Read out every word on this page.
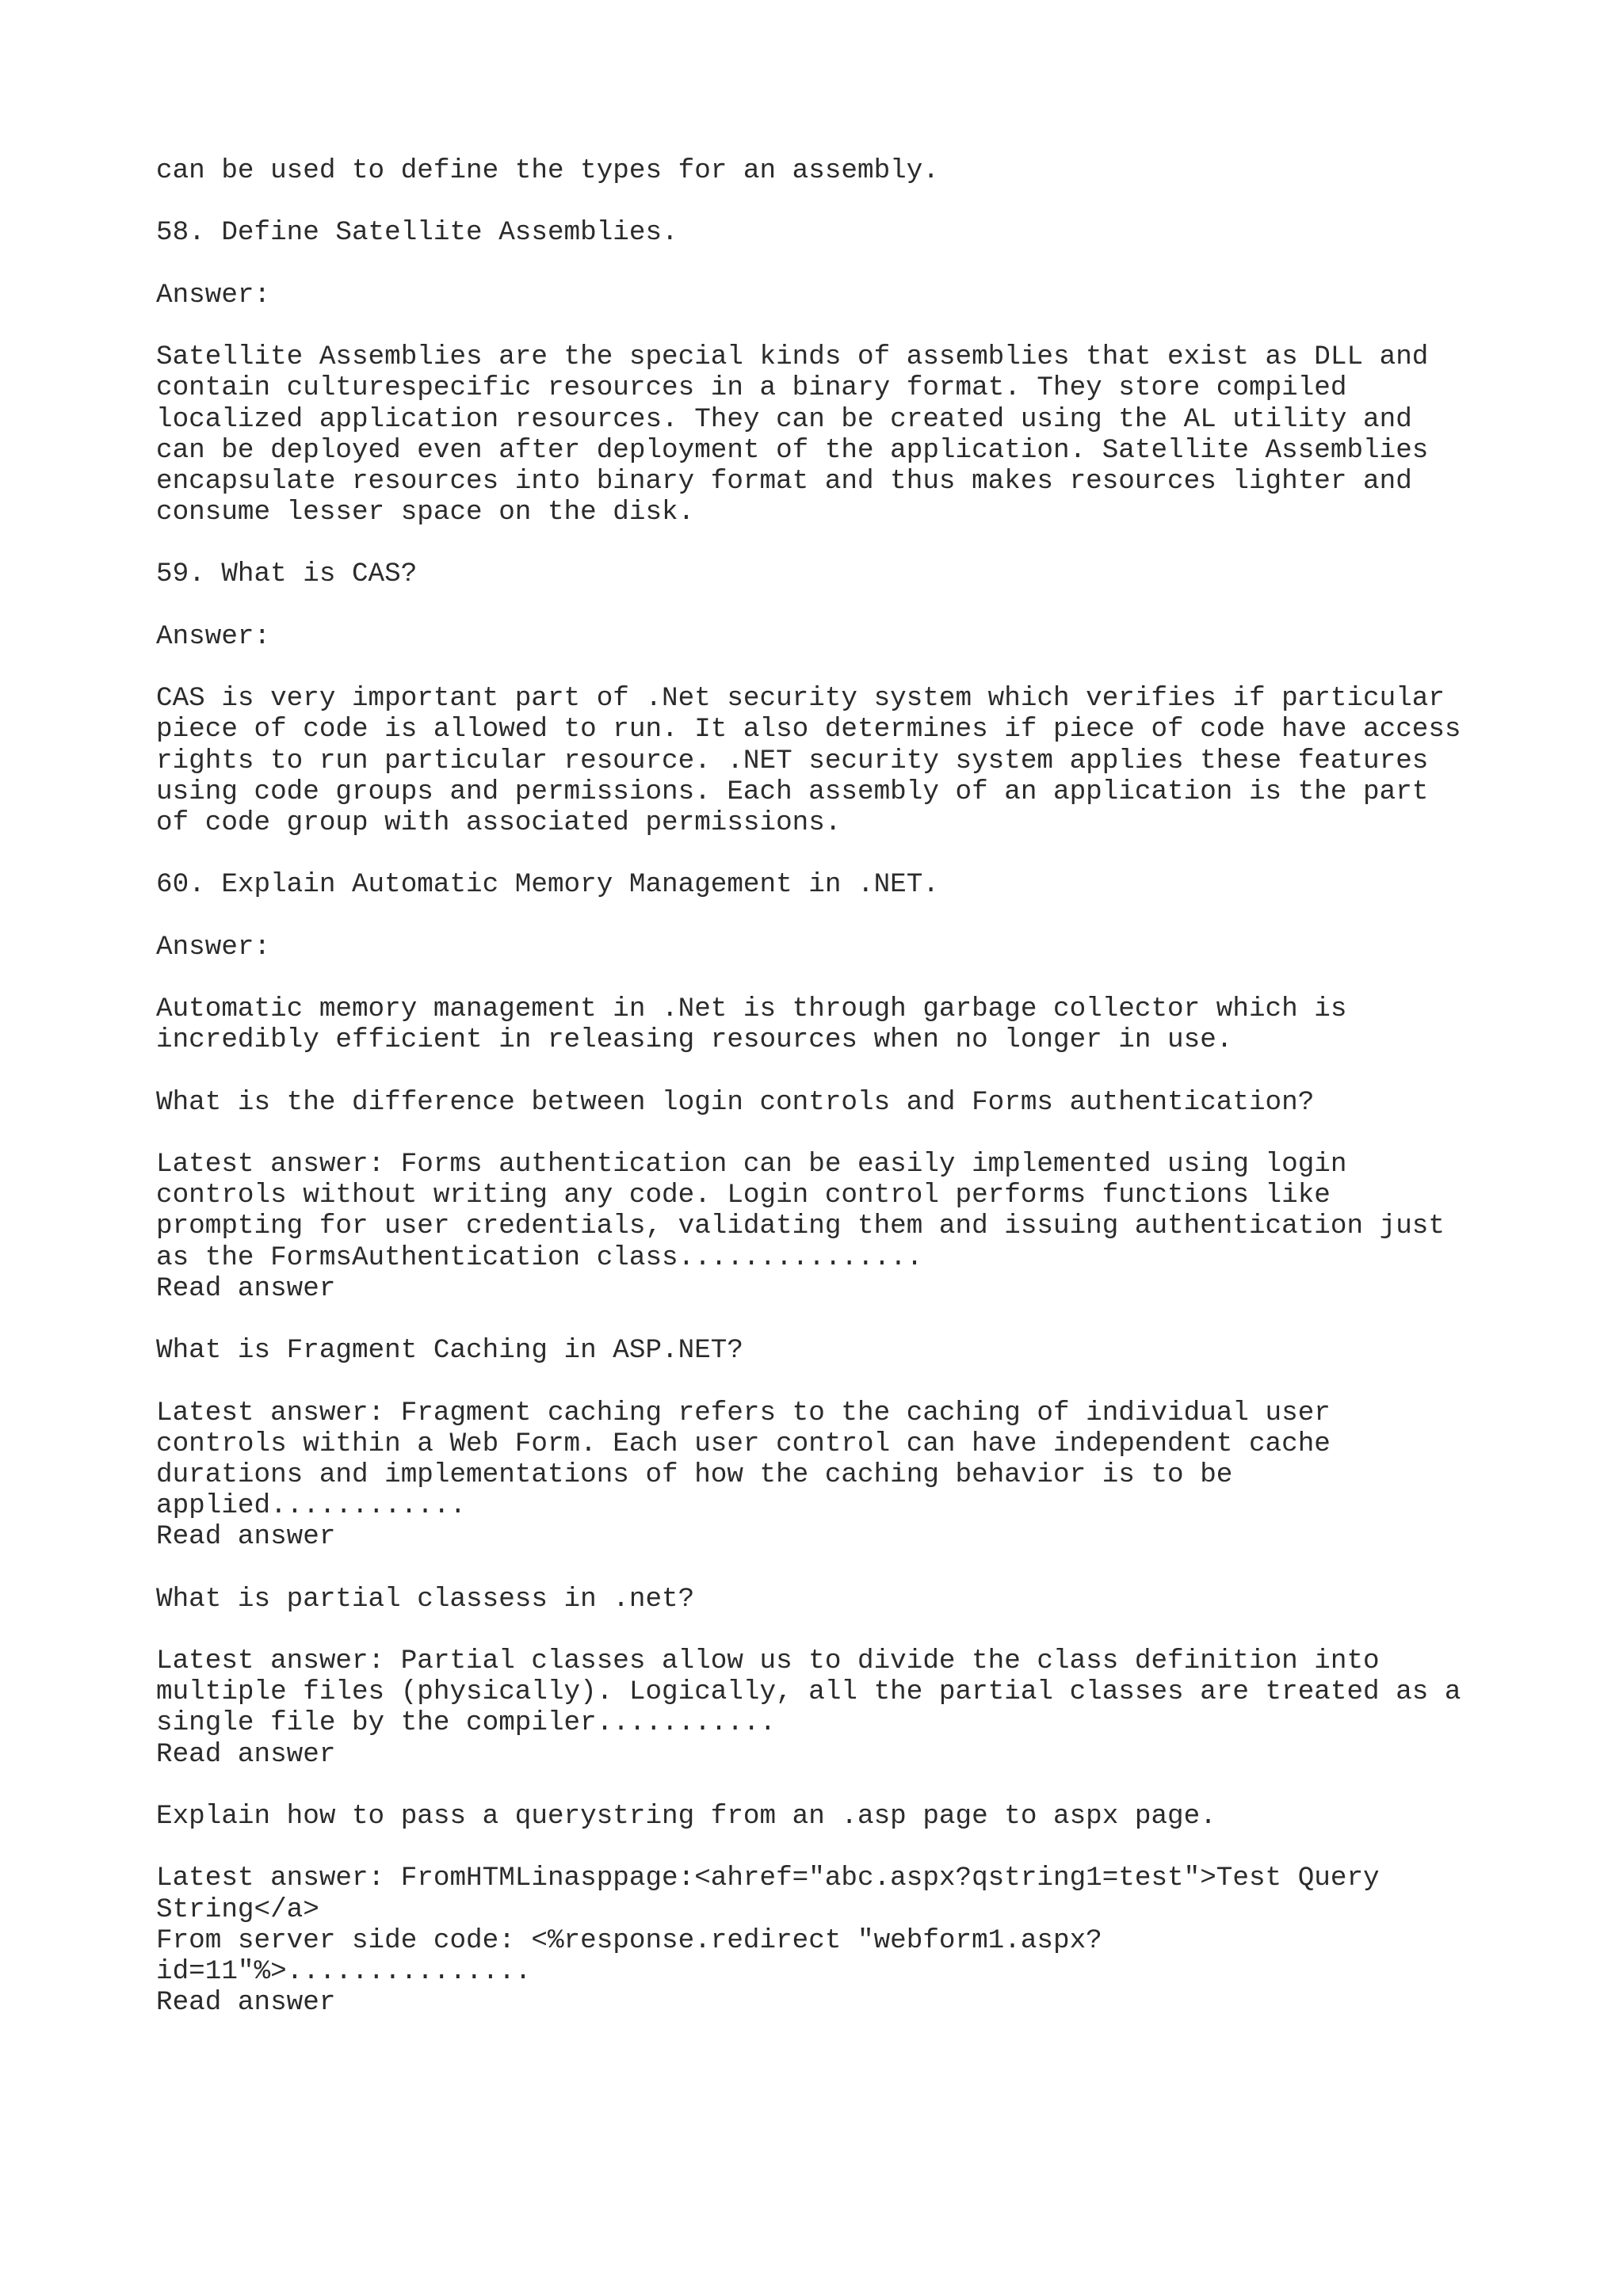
can be used to define the types for an assembly.
58. Define Satellite Assemblies.
Answer:
Satellite Assemblies are the special kinds of assemblies that exist as DLL and
contain culturespecific resources in a binary format. They store compiled
localized application resources. They can be created using the AL utility and
can be deployed even after deployment of the application. Satellite Assemblies
encapsulate resources into binary format and thus makes resources lighter and
consume lesser space on the disk.
59. What is CAS?
Answer:
CAS is very important part of .Net security system which verifies if particular
piece of code is allowed to run. It also determines if piece of code have access
rights to run particular resource. .NET security system applies these features
using code groups and permissions. Each assembly of an application is the part
of code group with associated permissions.
60. Explain Automatic Memory Management in .NET.
Answer:
Automatic memory management in .Net is through garbage collector which is
incredibly efficient in releasing resources when no longer in use.
What is the difference between login controls and Forms authentication?
Latest answer: Forms authentication can be easily implemented using login
controls without writing any code. Login control performs functions like
prompting for user credentials, validating them and issuing authentication just
as the FormsAuthentication class...............
Read answer
What is Fragment Caching in ASP.NET?
Latest answer: Fragment caching refers to the caching of individual user
controls within a Web Form. Each user control can have independent cache
durations and implementations of how the caching behavior is to be
applied............
Read answer
What is partial classess in .net?
Latest answer: Partial classes allow us to divide the class definition into
multiple files (physically). Logically, all the partial classes are treated as a
single file by the compiler...........
Read answer
Explain how to pass a querystring from an .asp page to aspx page.
Latest answer: FromHTMLinasppage:<ahref="abc.aspx?qstring1=test">Test Query
String</a>
From server side code: <%response.redirect "webform1.aspx?
id=11"%>...............
Read answer
